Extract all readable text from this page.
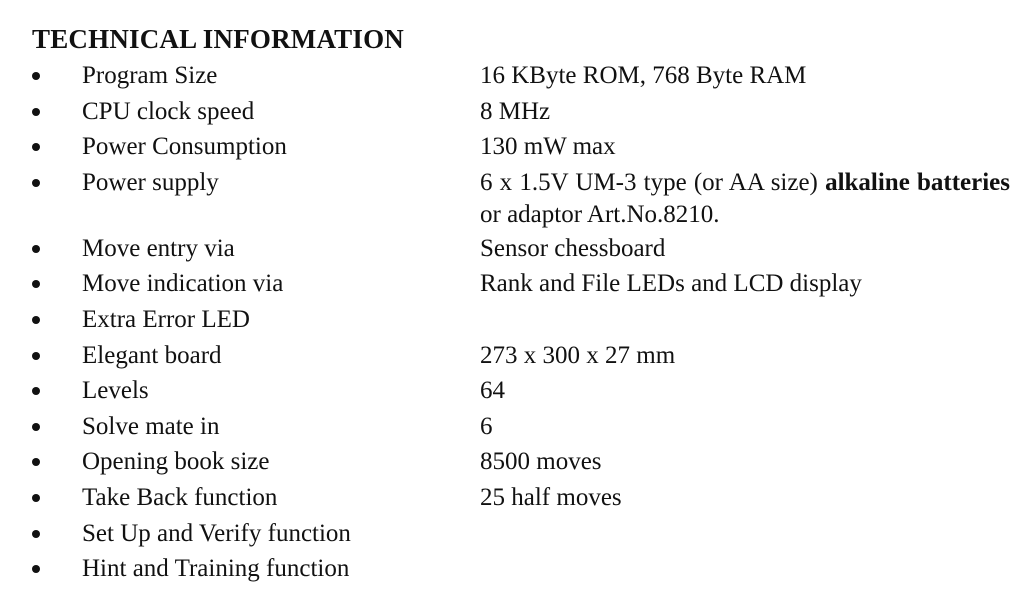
TECHNICAL INFORMATION
Program Size	16 KByte ROM, 768 Byte RAM
CPU clock speed	8 MHz
Power Consumption	130 mW max
Power supply	6 x 1.5V UM-3 type (or AA size) alkaline batteries or adaptor Art.No.8210.
Move entry via	Sensor chessboard
Move indication via	Rank and File LEDs and LCD display
Extra Error LED
Elegant board	273 x 300 x 27 mm
Levels	64
Solve mate in	6
Opening book size	8500 moves
Take Back function	25 half moves
Set Up and Verify function
Hint and Training function
